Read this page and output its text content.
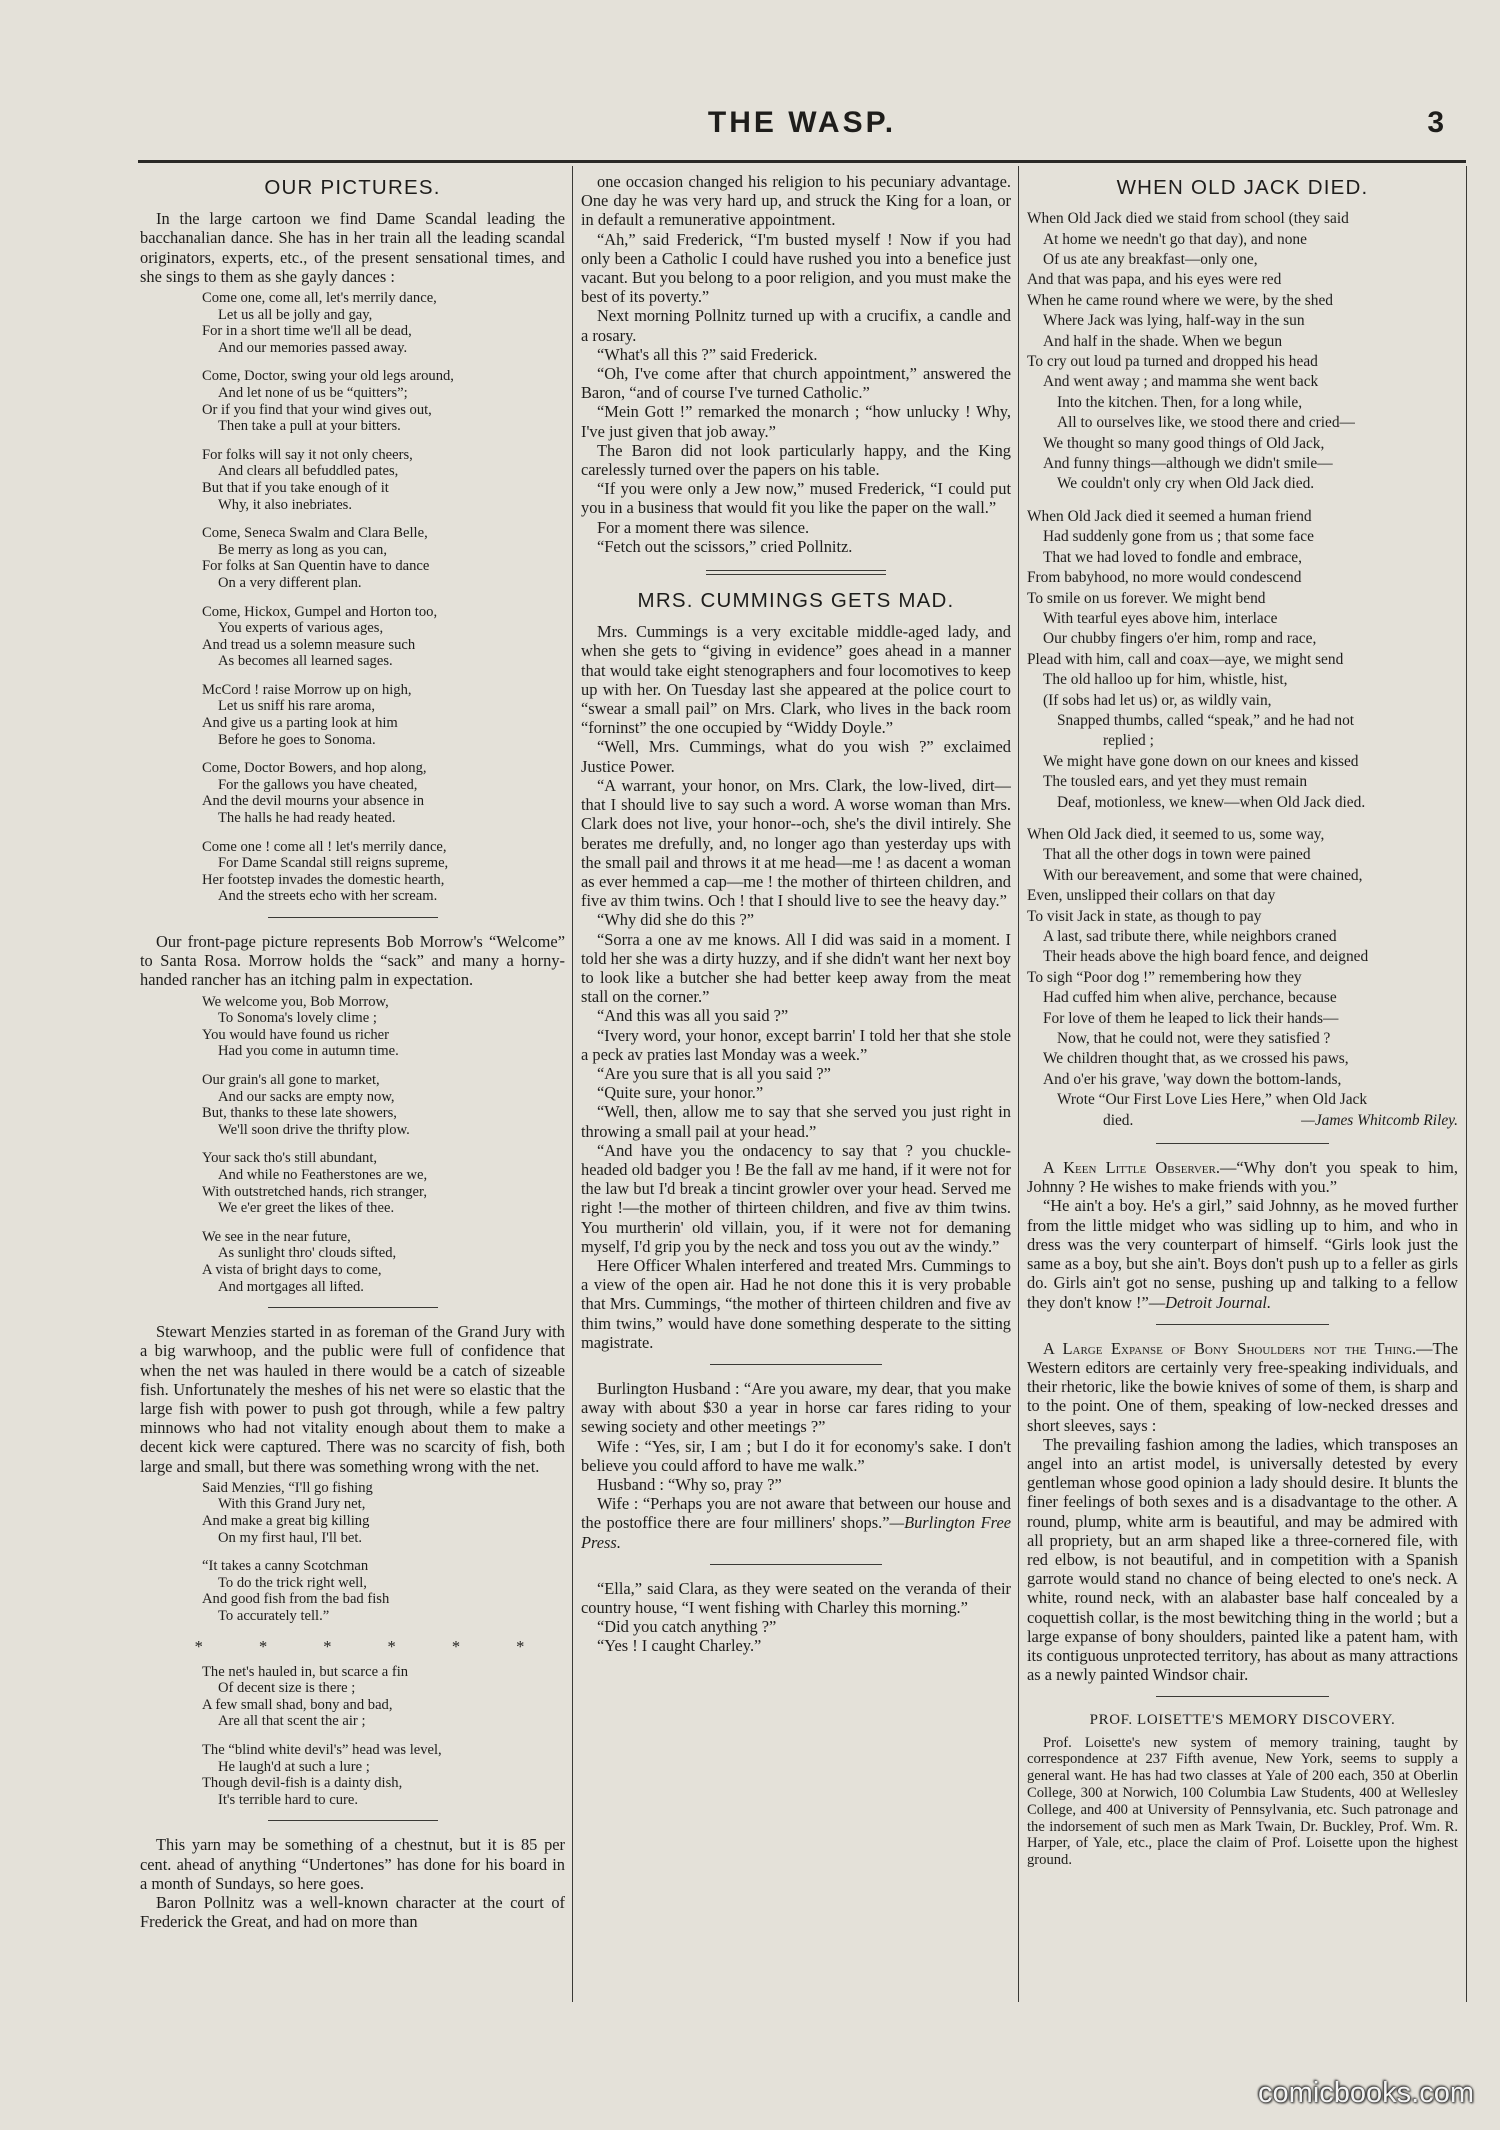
THE WASP.	3
OUR PICTURES.

In the large cartoon we find Dame Scandal leading the bacchanalian dance. She has in her train all the leading scandal originators, experts, etc., of the present sensational times, and she sings to them as she gayly dances :

Come one, come all, let's merrily dance,
Let us all be jolly and gay,
For in a short time we'll all be dead,
And our memories passed away.
Come, Doctor, swing your old legs around,
And let none of us be “quitters”;
Or if you find that your wind gives out,
Then take a pull at your bitters.
For folks will say it not only cheers,
And clears all befuddled pates,
But that if you take enough of it
Why, it also inebriates.
Come, Seneca Swalm and Clara Belle,
Be merry as long as you can,
For folks at San Quentin have to dance
On a very different plan.
Come, Hickox, Gumpel and Horton too,
You experts of various ages,
And tread us a solemn measure such
As becomes all learned sages.
McCord ! raise Morrow up on high,
Let us sniff his rare aroma,
And give us a parting look at him
Before he goes to Sonoma.
Come, Doctor Bowers, and hop along,
For the gallows you have cheated,
And the devil mourns your absence in
The halls he had ready heated.
Come one ! come all ! let's merrily dance,
For Dame Scandal still reigns supreme,
Her footstep invades the domestic hearth,
And the streets echo with her scream.

Our front-page picture represents Bob Morrow's “Welcome” to Santa Rosa. Morrow holds the “sack” and many a horny-handed rancher has an itching palm in expectation.

We welcome you, Bob Morrow,
To Sonoma's lovely clime ;
You would have found us richer
Had you come in autumn time.
Our grain's all gone to market,
And our sacks are empty now,
But, thanks to these late showers,
We'll soon drive the thrifty plow.
Your sack tho's still abundant,
And while no Featherstones are we,
With outstretched hands, rich stranger,
We e'er greet the likes of thee.
We see in the near future,
As sunlight thro' clouds sifted,
A vista of bright days to come,
And mortgages all lifted.

Stewart Menzies started in as foreman of the Grand Jury with a big warwhoop, and the public were full of confidence that when the net was hauled in there would be a catch of sizeable fish. Unfortunately the meshes of his net were so elastic that the large fish with power to push got through, while a few paltry minnows who had not vitality enough about them to make a decent kick were captured. There was no scarcity of fish, both large and small, but there was something wrong with the net.

Said Menzies, “I'll go fishing
With this Grand Jury net,
And make a great big killing
On my first haul, I'll bet.
“It takes a canny Scotchman
To do the trick right well,
And good fish from the bad fish
To accurately tell.”
* * * * * *
The net's hauled in, but scarce a fin
Of decent size is there ;
A few small shad, bony and bad,
Are all that scent the air ;
The “blind white devil's” head was level,
He laugh'd at such a lure ;
Though devil-fish is a dainty dish,
It's terrible hard to cure.

This yarn may be something of a chestnut, but it is 85 per cent. ahead of anything “Undertones” has done for his board in a month of Sundays, so here goes.

Baron Pollnitz was a well-known character at the court of Frederick the Great, and had on more than

one occasion changed his religion to his pecuniary advantage. One day he was very hard up, and struck the King for a loan, or in default a remunerative appointment.

“Ah,” said Frederick, “I'm busted myself ! Now if you had only been a Catholic I could have rushed you into a benefice just vacant. But you belong to a poor religion, and you must make the best of its poverty.”

Next morning Pollnitz turned up with a crucifix, a candle and a rosary.

“What's all this ?” said Frederick.

“Oh, I've come after that church appointment,” answered the Baron, “and of course I've turned Catholic.”

“Mein Gott !” remarked the monarch ; “how unlucky ! Why, I've just given that job away.”

The Baron did not look particularly happy, and the King carelessly turned over the papers on his table.

“If you were only a Jew now,” mused Frederick, “I could put you in a business that would fit you like the paper on the wall.”

For a moment there was silence.

“Fetch out the scissors,” cried Pollnitz.

MRS. CUMMINGS GETS MAD.

Mrs. Cummings is a very excitable middle-aged lady, and when she gets to “giving in evidence” goes ahead in a manner that would take eight stenographers and four locomotives to keep up with her. On Tuesday last she appeared at the police court to “swear a small pail” on Mrs. Clark, who lives in the back room “forninst” the one occupied by “Widdy Doyle.”

“Well, Mrs. Cummings, what do you wish ?” exclaimed Justice Power.

“A warrant, your honor, on Mrs. Clark, the low-lived, dirt—that I should live to say such a word. A worse woman than Mrs. Clark does not live, your honor--och, she's the divil intirely. She berates me drefully, and, no longer ago than yesterday ups with the small pail and throws it at me head—me ! as dacent a woman as ever hemmed a cap—me ! the mother of thirteen children, and five av thim twins. Och ! that I should live to see the heavy day.”

“Why did she do this ?”

“Sorra a one av me knows. All I did was said in a moment. I told her she was a dirty huzzy, and if she didn't want her next boy to look like a butcher she had better keep away from the meat stall on the corner.”

“And this was all you said ?”

“Ivery word, your honor, except barrin' I told her that she stole a peck av praties last Monday was a week.”

“Are you sure that is all you said ?”

“Quite sure, your honor.”

“Well, then, allow me to say that she served you just right in throwing a small pail at your head.”

“And have you the ondacency to say that ? you chuckle-headed old badger you ! Be the fall av me hand, if it were not for the law but I'd break a tincint growler over your head. Served me right !—the mother of thirteen children, and five av thim twins. You murtherin' old villain, you, if it were not for demaning myself, I'd grip you by the neck and toss you out av the windy.”

Here Officer Whalen interfered and treated Mrs. Cummings to a view of the open air. Had he not done this it is very probable that Mrs. Cummings, “the mother of thirteen children and five av thim twins,” would have done something desperate to the sitting magistrate.

Burlington Husband : “Are you aware, my dear, that you make away with about $30 a year in horse car fares riding to your sewing society and other meetings ?”

Wife : “Yes, sir, I am ; but I do it for economy's sake. I don't believe you could afford to have me walk.”

Husband : “Why so, pray ?”

Wife : “Perhaps you are not aware that between our house and the postoffice there are four milliners' shops.”—Burlington Free Press.

“Ella,” said Clara, as they were seated on the veranda of their country house, “I went fishing with Charley this morning.”

“Did you catch anything ?”

“Yes ! I caught Charley.”

WHEN OLD JACK DIED.
When Old Jack died we staid from school (they said
At home we needn't go that day), and none
Of us ate any breakfast—only one,
And that was papa, and his eyes were red
When he came round where we were, by the shed
Where Jack was lying, half-way in the sun
And half in the shade. When we begun
To cry out loud pa turned and dropped his head
And went away ; and mamma she went back
Into the kitchen. Then, for a long while,
All to ourselves like, we stood there and cried—
We thought so many good things of Old Jack,
And funny things—although we didn't smile—
We couldn't only cry when Old Jack died.
When Old Jack died it seemed a human friend
Had suddenly gone from us ; that some face
That we had loved to fondle and embrace,
From babyhood, no more would condescend
To smile on us forever. We might bend
With tearful eyes above him, interlace
Our chubby fingers o'er him, romp and race,
Plead with him, call and coax—aye, we might send
The old halloo up for him, whistle, hist,
(If sobs had let us) or, as wildly vain,
Snapped thumbs, called “speak,” and he had not
replied ;
We might have gone down on our knees and kissed
The tousled ears, and yet they must remain
Deaf, motionless, we knew—when Old Jack died.
When Old Jack died, it seemed to us, some way,
That all the other dogs in town were pained
With our bereavement, and some that were chained,
Even, unslipped their collars on that day
To visit Jack in state, as though to pay
A last, sad tribute there, while neighbors craned
Their heads above the high board fence, and deigned
To sigh “Poor dog !” remembering how they
Had cuffed him when alive, perchance, because
For love of them he leaped to lick their hands—
Now, that he could not, were they satisfied ?
We children thought that, as we crossed his paws,
And o'er his grave, 'way down the bottom-lands,
Wrote “Our First Love Lies Here,” when Old Jack
died.	—James Whitcomb Riley.

A Keen Little Observer.—“Why don't you speak to him, Johnny ? He wishes to make friends with you.”

“He ain't a boy. He's a girl,” said Johnny, as he moved further from the little midget who was sidling up to him, and who in dress was the very counterpart of himself. “Girls look just the same as a boy, but she ain't. Boys don't push up to a feller as girls do. Girls ain't got no sense, pushing up and talking to a fellow they don't know !”—Detroit Journal.

A Large Expanse of Bony Shoulders not the Thing.—The Western editors are certainly very free-speaking individuals, and their rhetoric, like the bowie knives of some of them, is sharp and to the point. One of them, speaking of low-necked dresses and short sleeves, says :

The prevailing fashion among the ladies, which transposes an angel into an artist model, is universally detested by every gentleman whose good opinion a lady should desire. It blunts the finer feelings of both sexes and is a disadvantage to the other. A round, plump, white arm is beautiful, and may be admired with all propriety, but an arm shaped like a three-cornered file, with red elbow, is not beautiful, and in competition with a Spanish garrote would stand no chance of being elected to one's neck. A white, round neck, with an alabaster base half concealed by a coquettish collar, is the most bewitching thing in the world ; but a large expanse of bony shoulders, painted like a patent ham, with its contiguous unprotected territory, has about as many attractions as a newly painted Windsor chair.

PROF. LOISETTE'S MEMORY DISCOVERY.

Prof. Loisette's new system of memory training, taught by correspondence at 237 Fifth avenue, New York, seems to supply a general want. He has had two classes at Yale of 200 each, 350 at Oberlin College, 300 at Norwich, 100 Columbia Law Students, 400 at Wellesley College, and 400 at University of Pennsylvania, etc. Such patronage and the indorsement of such men as Mark Twain, Dr. Buckley, Prof. Wm. R. Harper, of Yale, etc., place the claim of Prof. Loisette upon the highest ground.

comicbooks.com
